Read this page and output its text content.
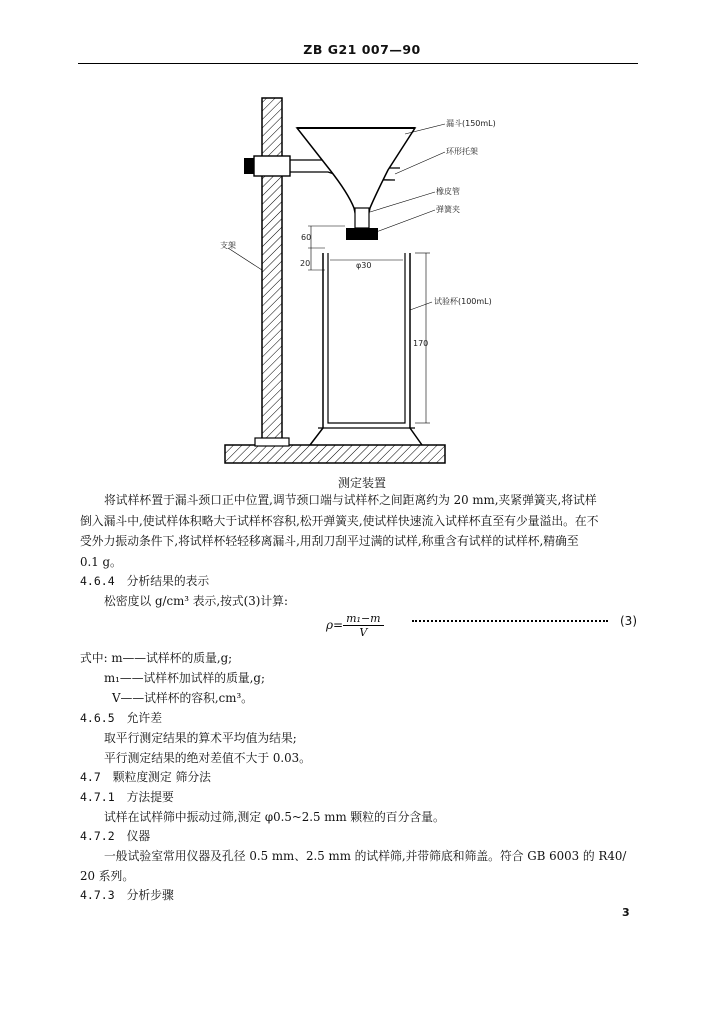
ZB G21 007—90
漏斗(150mL)
环形托架
橡皮管
弹簧夹
支架
试验杯(100mL)
60
20	φ30
170
测定装置
将试样杯置于漏斗颈口正中位置,调节颈口端与试样杯之间距离约为 20 mm,夹紧弹簧夹,将试样
倒入漏斗中,使试样体积略大于试样杯容积,松开弹簧夹,使试样快速流入试样杯直至有少量溢出。在不
受外力振动条件下,将试样杯轻轻移离漏斗,用刮刀刮平过满的试样,称重含有试样的试样杯,精确至
0.1 g。
4.6.4 分析结果的表示
松密度以 g/cm³ 表示,按式(3)计算:
$\rho= \frac{\text{m₁−m}}{V}$	(3)
式中: m——试样杯的质量,g;
m₁——试样杯加试样的质量,g;
V——试样杯的容积,cm³。
4.6.5 允许差
取平行测定结果的算术平均值为结果;
平行测定结果的绝对差值不大于 0.03。
4.7 颗粒度测定 筛分法
4.7.1 方法提要
试样在试样筛中振动过筛,测定 φ0.5~2.5 mm 颗粒的百分含量。
4.7.2 仪器
一般试验室常用仪器及孔径 0.5 mm、2.5 mm 的试样筛,并带筛底和筛盖。符合 GB 6003 的 R40/
20 系列。
4.7.3 分析步骤
3
